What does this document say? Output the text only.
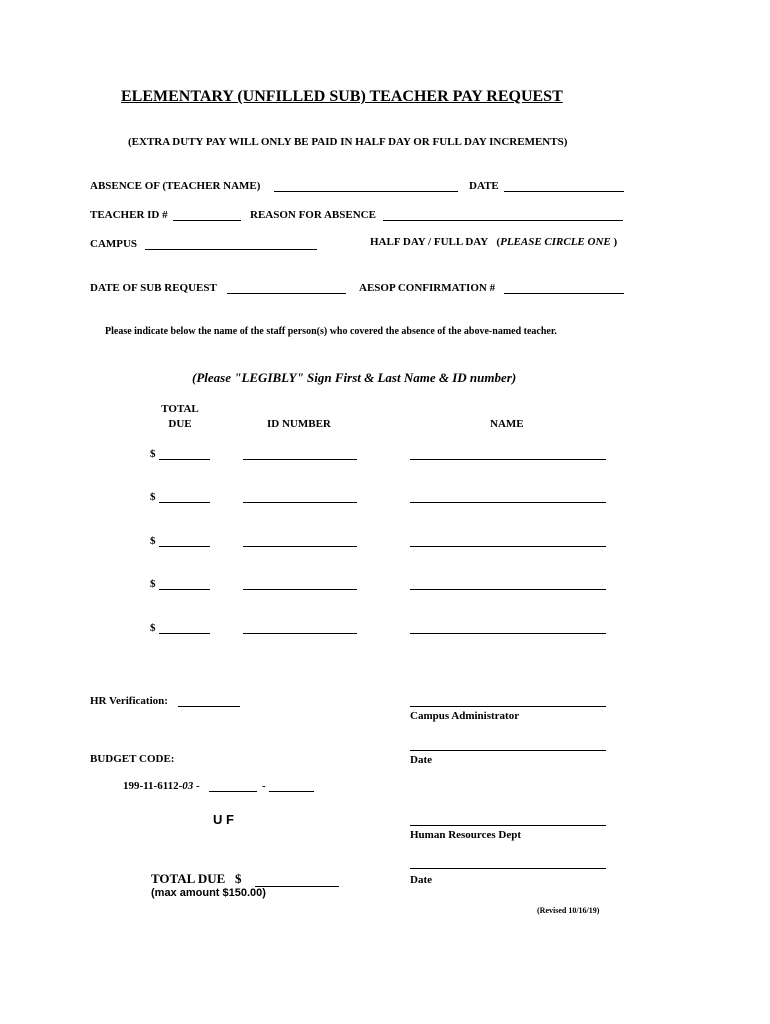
ELEMENTARY (UNFILLED SUB) TEACHER PAY REQUEST
(EXTRA DUTY PAY WILL ONLY BE PAID IN HALF DAY OR FULL DAY INCREMENTS)
ABSENCE OF (TEACHER NAME)	DATE
TEACHER ID #	REASON FOR ABSENCE
CAMPUS	HALF DAY / FULL DAY   (PLEASE CIRCLE ONE )
DATE OF SUB REQUEST	AESOP CONFIRMATION #
Please indicate below the name of the staff person(s) who covered the absence of the above-named teacher.
(Please "LEGIBLY" Sign First & Last Name & ID number)
TOTAL
DUE	ID NUMBER	NAME
$
$
$
$
$
HR Verification:
Campus Administrator
BUDGET CODE:	Date
199-11-6112-03 -	-
U F
Human Resources Dept
TOTAL DUE $	Date
(max amount $150.00)
(Revised 10/16/19)
